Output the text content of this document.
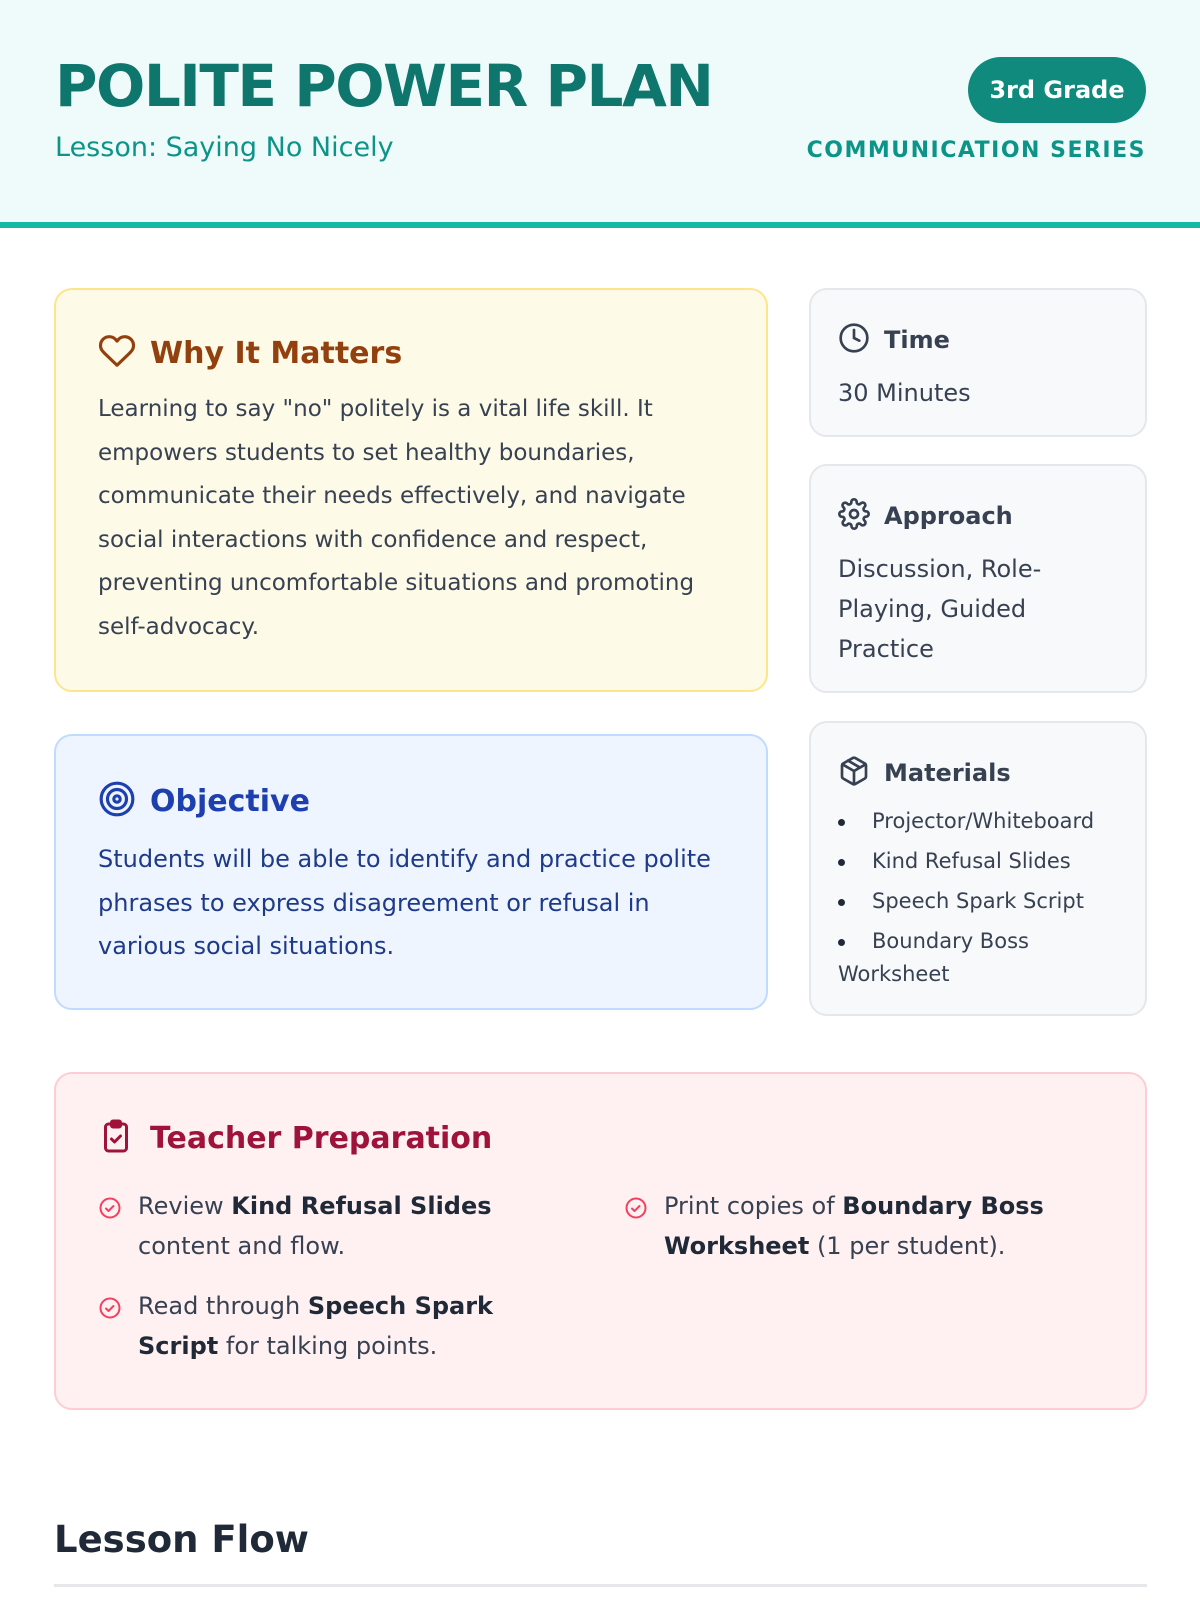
POLITE POWER PLAN
Lesson: Saying No Nicely
3rd Grade
COMMUNICATION SERIES
Why It Matters

Learning to say "no" politely is a vital life skill. It empowers students to set healthy boundaries, communicate their needs effectively, and navigate social interactions with confidence and respect, preventing uncomfortable situations and promoting self-advocacy.

Objective

Students will be able to identify and practice polite phrases to express disagreement or refusal in various social situations.

Time
30 Minutes
Approach
Discussion, Role-Playing, Guided Practice
Materials
Projector/Whiteboard
Kind Refusal Slides
Speech Spark Script
Boundary Boss Worksheet
Teacher Preparation
Review Kind Refusal Slides content and flow.
Read through Speech Spark Script for talking points.
Print copies of Boundary Boss Worksheet (1 per student).
Lesson Flow
